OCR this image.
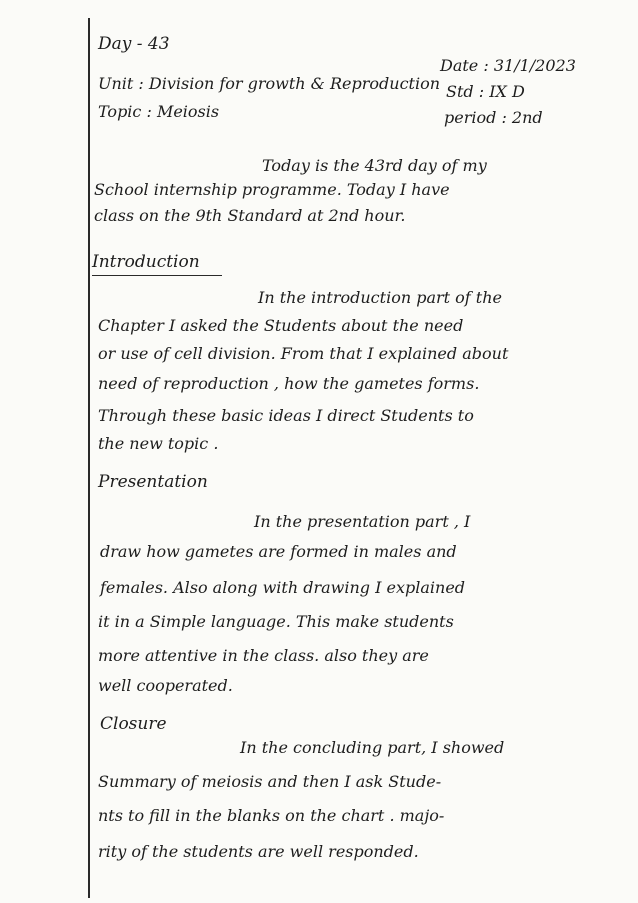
Day - 43
Date : 31/1/2023
Unit : Division for growth & Reproduction Std : IX D
Topic : Meiosis	period : 2nd
Today is the 43rd day of my
School internship programme. Today I have
class on the 9th Standard at 2nd hour.
Introduction
In the introduction part of the
Chapter I asked the Students about the need
or use of cell division. From that I explained about
need of reproduction , how the gametes forms.
Through these basic ideas I direct Students to
the new topic .
Presentation
In the presentation part , I
draw how gametes are formed in males and
females. Also along with drawing I explained
it in a Simple language. This make students
more attentive in the class. also they are
well cooperated.
Closure
In the concluding part, I showed
Summary of meiosis and then I ask Stude-
nts to fill in the blanks on the chart . majo-
rity of the students are well responded.
